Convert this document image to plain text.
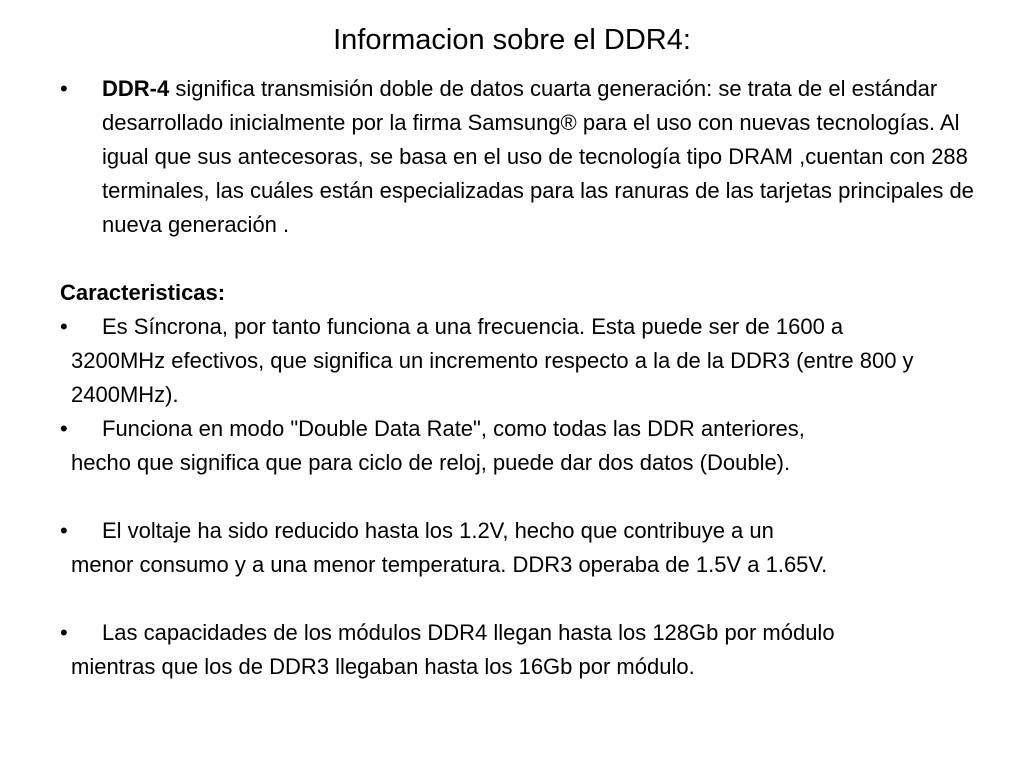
Informacion sobre el DDR4:
• DDR-4 significa transmisión doble de datos cuarta generación: se trata de el estándar desarrollado inicialmente por la firma Samsung® para el uso con nuevas tecnologías. Al igual que sus antecesoras, se basa en el uso de tecnología tipo DRAM ,cuentan con 288 terminales, las cuáles están especializadas para las ranuras de las tarjetas principales de nueva generación .

Caracteristicas:

•	Es Síncrona, por tanto funciona a una frecuencia. Esta puede ser de 1600 a
3200MHz efectivos, que significa un incremento respecto a la de la DDR3 (entre 800 y 2400MHz).
•	Funciona en modo "Double Data Rate", como todas las DDR anteriores,
hecho que significa que para ciclo de reloj, puede dar dos datos (Double).
•	El voltaje ha sido reducido hasta los 1.2V, hecho que contribuye a un
menor consumo y a una menor temperatura. DDR3 operaba de 1.5V a 1.65V.
•	Las capacidades de los módulos DDR4 llegan hasta los 128Gb por módulo
mientras que los de DDR3 llegaban hasta los 16Gb por módulo.
